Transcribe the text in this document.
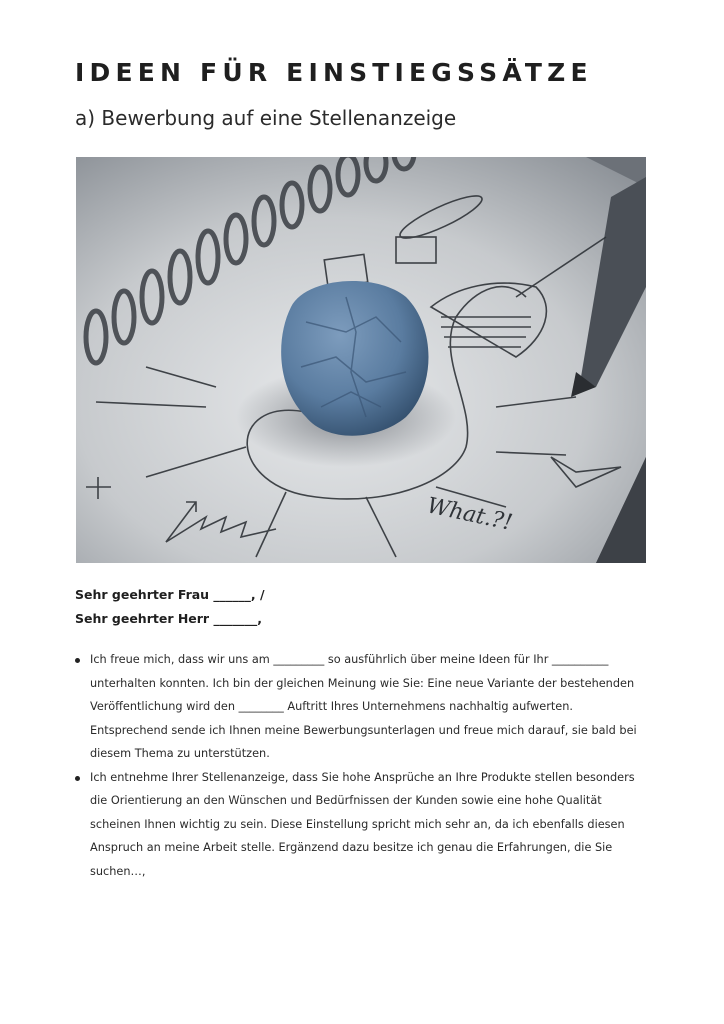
IDEEN FÜR EINSTIEGSSÄTZE
a) Bewerbung auf eine Stellenanzeige
What.?!
Sehr geehrter Frau ______, /
Sehr geehrter Herr _______,
Ich freue mich, dass wir uns am _________ so ausführlich über meine Ideen für Ihr __________ unterhalten konnten. Ich bin der gleichen Meinung wie Sie: Eine neue Variante der bestehenden Veröffentlichung wird den ________ Auftritt Ihres Unternehmens nachhaltig aufwerten. Entsprechend sende ich Ihnen meine Bewerbungsunterlagen und freue mich darauf, sie bald bei diesem Thema zu unterstützen.
Ich entnehme Ihrer Stellenanzeige, dass Sie hohe Ansprüche an Ihre Produkte stellen besonders die Orientierung an den Wünschen und Bedürfnissen der Kunden sowie eine hohe Qualität scheinen Ihnen wichtig zu sein. Diese Einstellung spricht mich sehr an, da ich ebenfalls diesen Anspruch an meine Arbeit stelle. Ergänzend dazu besitze ich genau die Erfahrungen, die Sie suchen…,
